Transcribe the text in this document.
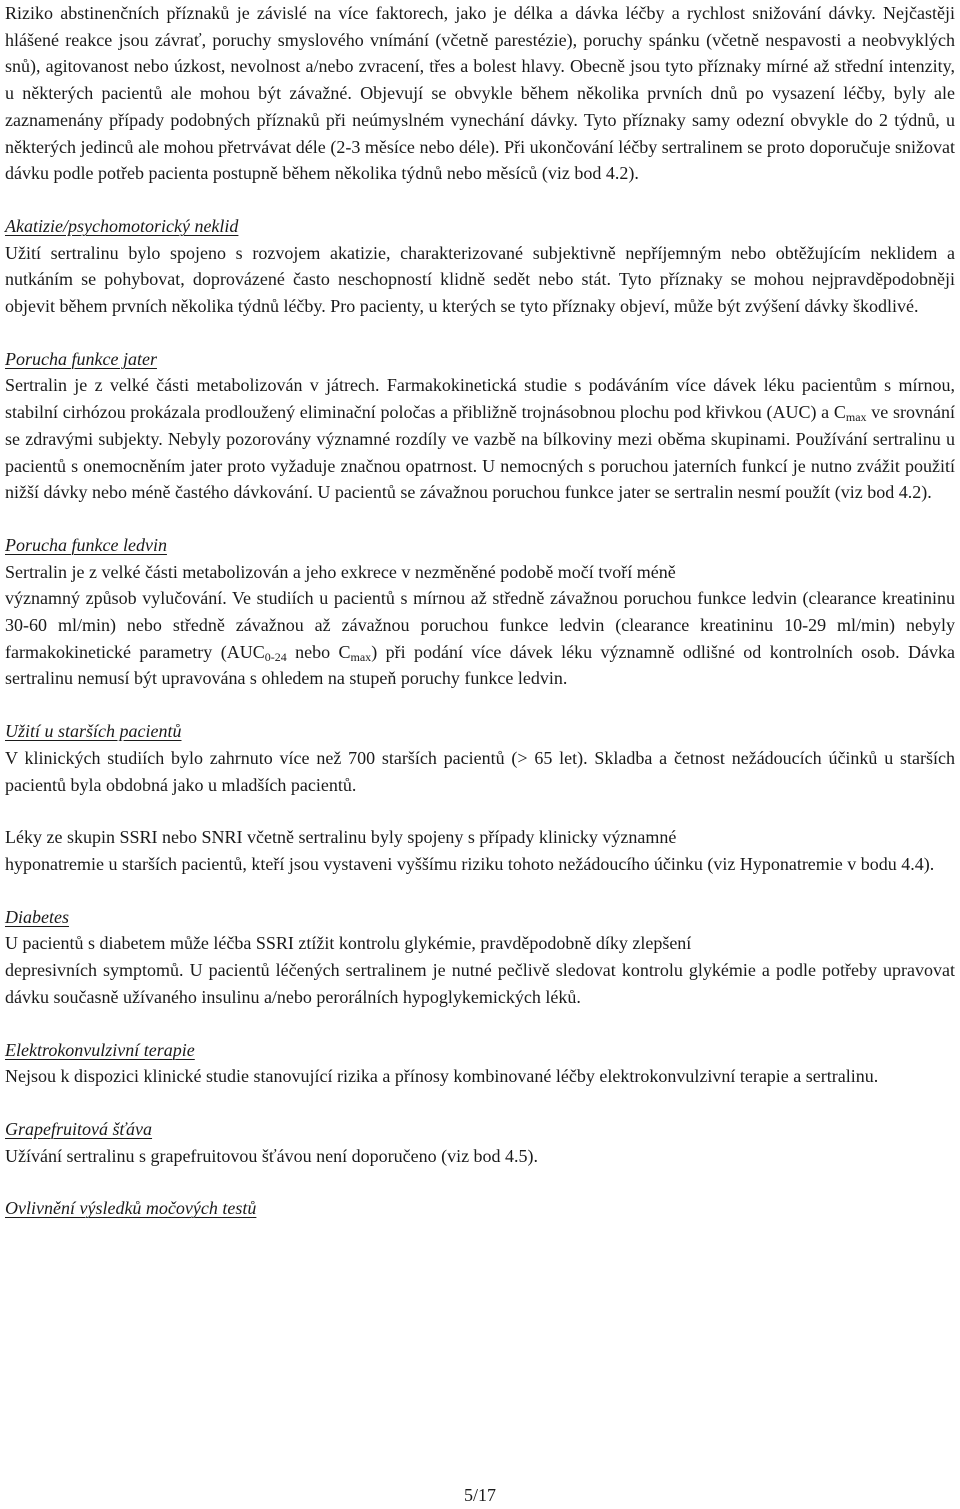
Riziko abstinenčních příznaků je závislé na více faktorech, jako je délka a dávka léčby a rychlost snižování dávky. Nejčastěji hlášené reakce jsou závrať, poruchy smyslového vnímání (včetně parestézie), poruchy spánku (včetně nespavosti a neobvyklých snů), agitovanost nebo úzkost, nevolnost a/nebo zvracení, třes a bolest hlavy. Obecně jsou tyto příznaky mírné až střední intenzity, u některých pacientů ale mohou být závažné. Objevují se obvykle během několika prvních dnů po vysazení léčby, byly ale zaznamenány případy podobných příznaků při neúmyslném vynechání dávky. Tyto příznaky samy odezní obvykle do 2 týdnů, u některých jedinců ale mohou přetrvávat déle (2-3 měsíce nebo déle). Při ukončování léčby sertralinem se proto doporučuje snižovat dávku podle potřeb pacienta postupně během několika týdnů nebo měsíců (viz bod 4.2).

Akatizie/psychomotorický neklid

Užití sertralinu bylo spojeno s rozvojem akatizie, charakterizované subjektivně nepříjemným nebo obtěžujícím neklidem a nutkáním se pohybovat, doprovázené často neschopností klidně sedět nebo stát. Tyto příznaky se mohou nejpravděpodobněji objevit během prvních několika týdnů léčby. Pro pacienty, u kterých se tyto příznaky objeví, může být zvýšení dávky škodlivé.

Porucha funkce jater

Sertralin je z velké části metabolizován v játrech. Farmakokinetická studie s podáváním více dávek léku pacientům s mírnou, stabilní cirhózou prokázala prodloužený eliminační poločas a přibližně trojnásobnou plochu pod křivkou (AUC) a $C_{max}$ ve srovnání se zdravými subjekty. Nebyly pozorovány významné rozdíly ve vazbě na bílkoviny mezi oběma skupinami. Používání sertralinu u pacientů s onemocněním jater proto vyžaduje značnou opatrnost. U nemocných s poruchou jaterních funkcí je nutno zvážit použití nižší dávky nebo méně častého dávkování. U pacientů se závažnou poruchou funkce jater se sertralin nesmí použít (viz bod 4.2).

Porucha funkce ledvin

Sertralin je z velké části metabolizován a jeho exkrece v nezměněné podobě močí tvoří méně

významný způsob vylučování. Ve studiích u pacientů s mírnou až středně závažnou poruchou funkce ledvin (clearance kreatininu 30-60 ml/min) nebo středně závažnou až závažnou poruchou funkce ledvin (clearance kreatininu 10-29 ml/min) nebyly farmakokinetické parametry ($AUC_{0-24}$ nebo $C_{max}$) při podání více dávek léku významně odlišné od kontrolních osob. Dávka sertralinu nemusí být upravována s ohledem na stupeň poruchy funkce ledvin.

Užití u starších pacientů

V klinických studiích bylo zahrnuto více než 700 starších pacientů (> 65 let). Skladba a četnost nežádoucích účinků u starších pacientů byla obdobná jako u mladších pacientů.

Léky ze skupin SSRI nebo SNRI včetně sertralinu byly spojeny s případy klinicky významné

hyponatremie u starších pacientů, kteří jsou vystaveni vyššímu riziku tohoto nežádoucího účinku (viz Hyponatremie v bodu 4.4).

Diabetes

U pacientů s diabetem může léčba SSRI ztížit kontrolu glykémie, pravděpodobně díky zlepšení

depresivních symptomů. U pacientů léčených sertralinem je nutné pečlivě sledovat kontrolu glykémie a podle potřeby upravovat dávku současně užívaného insulinu a/nebo perorálních hypoglykemických léků.

Elektrokonvulzivní terapie

Nejsou k dispozici klinické studie stanovující rizika a přínosy kombinované léčby elektrokonvulzivní terapie a sertralinu.

Grapefruitová šťáva

Užívání sertralinu s grapefruitovou šťávou není doporučeno (viz bod 4.5).

Ovlivnění výsledků močových testů

5/17
